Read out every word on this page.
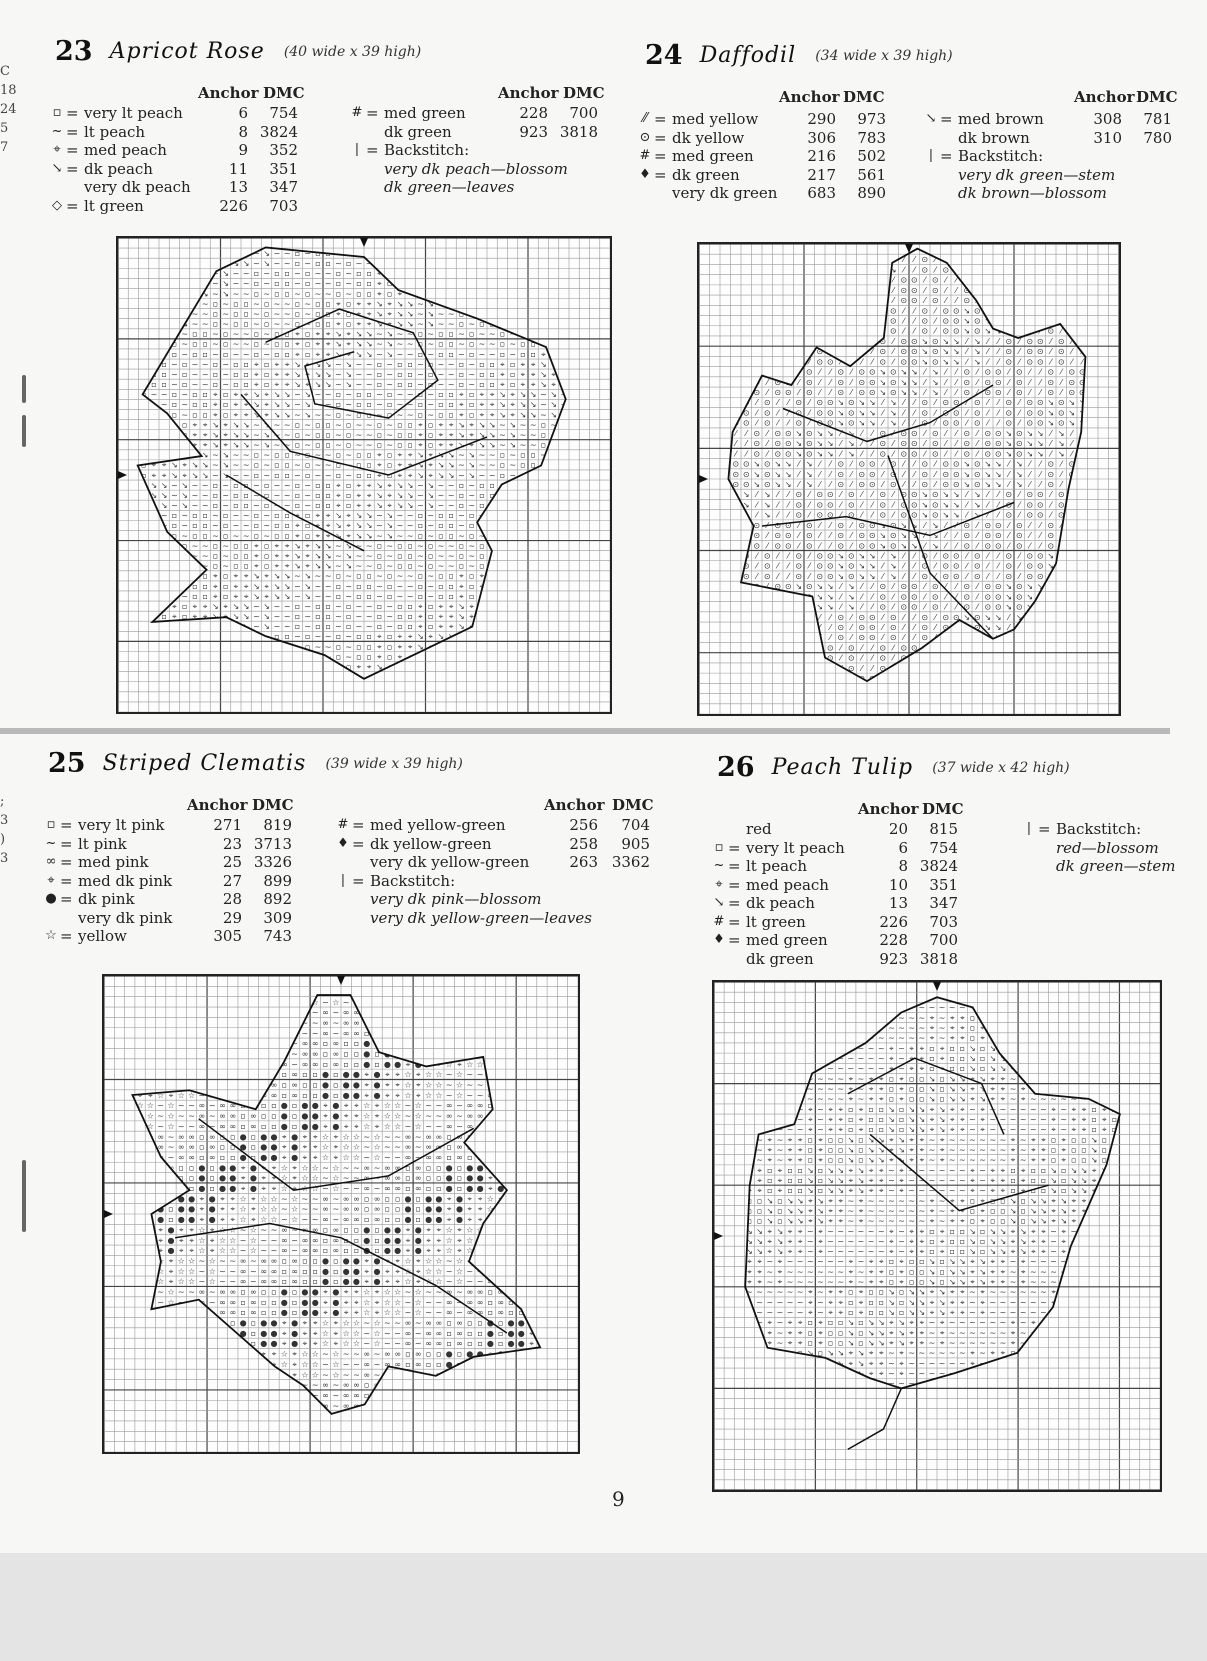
C
18
24
5
7
;
3
)
3
23 Apricot Rose (40 wide x 39 high)
Anchor DMC	Anchor DMC
▫ = very lt peach	6	754
~ = lt peach	8 3824
⌖ = med peach	9	352
↘ = dk peach	11	351
very dk peach	13	347
◇ = lt green	226	703
# = med green	228	700
dk green	923 3818
| = Backstitch:
very dk peach—blossom
dk green—leaves
~ ▫ ~ ▫ ▫ ⌖ ▫ ⌖ ⌖ ↘ ⌖ ↘ ↘ ~ ↘ ~ ~ ▫ ~ ▫ ▫ ~ ▫ ~ ~ ▫ ~ ▫ ▫ ⌖ ▫ ⌖ ⌖ ↘ ⌖ ↘ ↘ ~ ↘ ~ ~ ▫ ~ ▫ ▫ ~ ▫ ~
~ ▫ ~ ▫ ▫ ⌖ ▫ ⌖ ⌖ ↘ ⌖ ↘ ↘ ~ ↘ ~ ~ ▫ ~ ▫ ▫ ~ ▫ ~ ~ ▫ ~ ▫ ▫ ⌖ ▫ ⌖ ⌖ ↘ ⌖ ↘ ↘ ~ ↘ ~ ~ ▫ ~ ▫ ▫ ~ ▫ ~
~ ▫ ~ ▫ ▫ ⌖ ▫ ⌖ ⌖ ↘ ⌖ ↘ ↘ ~ ↘ ~ ~ ▫ ~ ▫ ▫ ~ ▫ ~ ~ ▫ ~ ▫ ▫ ⌖ ▫ ⌖ ⌖ ↘ ⌖ ↘ ↘ ~ ↘ ~ ~ ▫ ~ ▫ ▫ ~ ▫ ~
▫ ⌖ ▫ ⌖ ⌖ ↘ ⌖ ↘ ↘ ~ ↘ ~ ~ ▫ ~ ▫ ▫ ~ ▫ ~ ~ ▫ ~ ▫ ▫ ⌖ ▫ ⌖ ⌖ ↘ ⌖ ↘ ↘ ~ ↘ ~ ~ ▫ ~ ▫ ▫ ~ ▫ ~ ~ ▫ ~ ▫
▫ ⌖ ▫ ⌖ ⌖ ↘ ⌖ ↘ ↘ ~ ↘ ~ ~ ▫ ~ ▫ ▫ ~ ▫ ~ ~ ▫ ~ ▫ ▫ ⌖ ▫ ⌖ ⌖ ↘ ⌖ ↘ ↘ ~ ↘ ~ ~ ▫ ~ ▫ ▫ ~ ▫ ~ ~ ▫ ~ ▫
▫ ⌖ ▫ ⌖ ⌖ ↘ ⌖ ↘ ↘ ~ ↘ ~ ~ ▫ ~ ▫ ▫ ~ ▫ ~ ~ ▫ ~ ▫ ▫ ⌖ ▫ ⌖ ⌖ ↘ ⌖ ↘ ↘ ~ ↘ ~ ~ ▫ ~ ▫ ▫ ~ ▫ ~ ~ ▫ ~ ▫
⌖ ↘ ⌖ ↘ ↘ ~ ↘ ~ ~ ▫ ~ ▫ ▫ ~ ▫ ~ ~ ▫ ~ ▫ ▫ ⌖ ▫ ⌖ ⌖ ↘ ⌖ ↘ ↘ ~ ↘ ~ ~ ▫ ~ ▫ ▫ ~ ▫ ~ ~ ▫ ~ ▫ ▫ ⌖ ▫ ⌖
⌖ ↘ ⌖ ↘ ↘ ~ ↘ ~ ~ ▫ ~ ▫ ▫ ~ ▫ ~ ~ ▫ ~ ▫ ▫ ⌖ ▫ ⌖ ⌖ ↘ ⌖ ↘ ↘ ~ ↘ ~ ~ ▫ ~ ▫ ▫ ~ ▫ ~ ~ ▫ ~ ▫ ▫ ⌖ ▫ ⌖
⌖ ↘ ⌖ ↘ ↘ ~ ↘ ~ ~ ▫ ~ ▫ ▫ ~ ▫ ~ ~ ▫ ~ ▫ ▫ ⌖ ▫ ⌖ ⌖ ↘ ⌖ ↘ ↘ ~ ↘ ~ ~ ▫ ~ ▫ ▫ ~ ▫ ~ ~ ▫ ~ ▫ ▫ ⌖ ▫ ⌖
↘ ~ ↘ ~ ~ ▫ ~ ▫ ▫ ~ ▫ ~ ~ ▫ ~ ▫ ▫ ⌖ ▫ ⌖ ⌖ ↘ ⌖ ↘ ↘ ~ ↘ ~ ~ ▫ ~ ▫ ▫ ~ ▫ ~ ~ ▫ ~ ▫ ▫ ⌖ ▫ ⌖ ⌖ ↘ ⌖ ↘
↘ ~ ↘ ~ ~ ▫ ~ ▫ ▫ ~ ▫ ~ ~ ▫ ~ ▫ ▫ ⌖ ▫ ⌖ ⌖ ↘ ⌖ ↘ ↘ ~ ↘ ~ ~ ▫ ~ ▫ ▫ ~ ▫ ~ ~ ▫ ~ ▫ ▫ ⌖ ▫ ⌖ ⌖ ↘ ⌖ ↘
↘ ~ ↘ ~ ~ ▫ ~ ▫ ▫ ~ ▫ ~ ~ ▫ ~ ▫ ▫ ⌖ ▫ ⌖ ⌖ ↘ ⌖ ↘ ↘ ~ ↘ ~ ~ ▫ ~ ▫ ▫ ~ ▫ ~ ~ ▫ ~ ▫ ▫ ⌖ ▫ ⌖ ⌖ ↘ ⌖ ↘
~ ▫ ~ ▫ ▫ ~ ▫ ~ ~ ▫ ~ ▫ ▫ ⌖ ▫ ⌖ ⌖ ↘ ⌖ ↘ ↘ ~ ↘ ~ ~ ▫ ~ ▫ ▫ ~ ▫ ~ ~ ▫ ~ ▫ ▫ ⌖ ▫ ⌖ ⌖ ↘ ⌖ ↘ ↘ ~ ↘ ~
~ ▫ ~ ▫ ▫ ~ ▫ ~ ~ ▫ ~ ▫ ▫ ⌖ ▫ ⌖ ⌖ ↘ ⌖ ↘ ↘ ~ ↘ ~ ~ ▫ ~ ▫ ▫ ~ ▫ ~ ~ ▫ ~ ▫ ▫ ⌖ ▫ ⌖ ⌖ ↘ ⌖ ↘ ↘ ~ ↘ ~
~ ▫ ~ ▫ ▫ ~ ▫ ~ ~ ▫ ~ ▫ ▫ ⌖ ▫ ⌖ ⌖ ↘ ⌖ ↘ ↘ ~ ↘ ~ ~ ▫ ~ ▫ ▫ ~ ▫ ~ ~ ▫ ~ ▫ ▫ ⌖ ▫ ⌖ ⌖ ↘ ⌖ ↘ ↘ ~ ↘ ~
▫ ~ ▫ ~ ~ ▫ ~ ▫ ▫ ⌖ ▫ ⌖ ⌖ ↘ ⌖ ↘ ↘ ~ ↘ ~ ~ ▫ ~ ▫ ▫ ~ ▫ ~ ~ ▫ ~ ▫ ▫ ⌖ ▫ ⌖ ⌖ ↘ ⌖ ↘ ↘ ~ ↘ ~ ~ ▫ ~ ▫
▫ ~ ▫ ~ ~ ▫ ~ ▫ ▫ ⌖ ▫ ⌖ ⌖ ↘ ⌖ ↘ ↘ ~ ↘ ~ ~ ▫ ~ ▫ ▫ ~ ▫ ~ ~ ▫ ~ ▫ ▫ ⌖ ▫ ⌖ ⌖ ↘ ⌖ ↘ ↘ ~ ↘ ~ ~ ▫ ~ ▫
▫ ~ ▫ ~ ~ ▫ ~ ▫ ▫ ⌖ ▫ ⌖ ⌖ ↘ ⌖ ↘ ↘ ~ ↘ ~ ~ ▫ ~ ▫ ▫ ~ ▫ ~ ~ ▫ ~ ▫ ▫ ⌖ ▫ ⌖ ⌖ ↘ ⌖ ↘ ↘ ~ ↘ ~ ~ ▫ ~ ▫
~ ▫ ~ ▫ ▫ ⌖ ▫ ⌖ ⌖ ↘ ⌖ ↘ ↘ ~ ↘ ~ ~ ▫ ~ ▫ ▫ ~ ▫ ~ ~ ▫ ~ ▫ ▫ ⌖ ▫ ⌖ ⌖ ↘ ⌖ ↘ ↘ ~ ↘ ~ ~ ▫ ~ ▫ ▫ ~ ▫ ~
~ ▫ ~ ▫ ▫ ⌖ ▫ ⌖ ⌖ ↘ ⌖ ↘ ↘ ~ ↘ ~ ~ ▫ ~ ▫ ▫ ~ ▫ ~ ~ ▫ ~ ▫ ▫ ⌖ ▫ ⌖ ⌖ ↘ ⌖ ↘ ↘ ~ ↘ ~ ~ ▫ ~ ▫ ▫ ~ ▫ ~
~ ▫ ~ ▫ ▫ ⌖ ▫ ⌖ ⌖ ↘ ⌖ ↘ ↘ ~ ↘ ~ ~ ▫ ~ ▫ ▫ ~ ▫ ~ ~ ▫ ~ ▫ ▫ ⌖ ▫ ⌖ ⌖ ↘ ⌖ ↘ ↘ ~ ↘ ~ ~ ▫ ~ ▫ ▫ ~ ▫ ~
▫ ⌖ ▫ ⌖ ⌖ ↘ ⌖ ↘ ↘ ~ ↘ ~ ~ ▫ ~ ▫ ▫ ~ ▫ ~ ~ ▫ ~ ▫ ▫ ⌖ ▫ ⌖ ⌖ ↘ ⌖ ↘ ↘ ~ ↘ ~ ~ ▫ ~ ▫ ▫ ~ ▫ ~ ~ ▫ ~ ▫
▫ ⌖ ▫ ⌖ ⌖ ↘ ⌖ ↘ ↘ ~ ↘ ~ ~ ▫ ~ ▫ ▫ ~ ▫ ~ ~ ▫ ~ ▫ ▫ ⌖ ▫ ⌖ ⌖ ↘ ⌖ ↘ ↘ ~ ↘ ~ ~ ▫ ~ ▫ ▫ ~ ▫ ~ ~ ▫ ~ ▫
⌖ ▫ ⌖ ⌖ ↘ ⌖ ↘ ↘ ~ ↘ ~ ~ ▫ ~ ▫ ▫ ~ ▫ ~ ~ ▫ ~ ▫ ▫ ⌖ ▫ ⌖ ⌖ ↘ ⌖ ↘ ↘ ~ ↘ ~ ~ ▫ ~ ▫ ▫ ~ ▫ ~ ~ ▫ ~ ▫
⌖ ↘ ⌖ ↘ ↘ ~ ↘ ~ ~ ▫ ~ ▫ ▫ ~ ▫ ~ ~ ▫ ~ ▫ ▫ ⌖ ▫ ⌖ ⌖ ↘ ⌖ ↘ ↘ ~ ↘ ~ ~ ▫ ~ ▫ ▫ ~ ▫ ~ ~ ▫ ~ ▫ ▫ ⌖ ▫ ⌖
⌖ ↘ ⌖ ↘ ↘ ~ ↘ ~ ~ ▫ ~ ▫ ▫ ~ ▫ ~ ~ ▫ ~ ▫ ▫ ⌖ ▫ ⌖ ⌖ ↘ ⌖ ↘ ↘ ~ ↘ ~ ~ ▫ ~ ▫ ▫ ~ ▫ ~ ~ ▫ ~ ▫ ▫ ⌖ ▫ ⌖
⌖ ↘ ⌖ ↘ ↘ ~ ↘ ~ ~ ▫ ~ ▫ ▫ ~ ▫ ~ ~ ▫ ~ ▫ ▫ ⌖ ▫ ⌖ ⌖ ↘ ⌖ ↘ ↘ ~ ↘ ~ ~ ▫ ~ ▫ ▫ ~ ▫ ~ ~ ▫ ~ ▫ ▫ ⌖ ▫ ⌖
↘ ~ ↘ ~ ~ ▫ ~ ▫ ▫ ~ ▫ ~ ~ ▫ ~ ▫ ▫ ⌖ ▫ ⌖ ⌖ ↘ ⌖ ↘ ↘ ~ ↘ ~ ~ ▫ ~ ▫ ▫ ~ ▫ ~ ~ ▫ ~ ▫ ▫ ⌖ ▫ ⌖ ⌖ ↘ ⌖ ↘
↘ ~ ↘ ~ ~ ▫ ~ ▫ ▫ ~ ▫ ~ ~ ▫ ~ ▫ ▫ ⌖ ▫ ⌖ ⌖ ↘ ⌖ ↘ ↘ ~ ↘ ~ ~ ▫ ~ ▫ ▫ ~ ▫ ~ ~ ▫ ~ ▫ ▫ ⌖ ▫ ⌖ ⌖ ↘ ⌖ ↘
↘ ~ ↘ ~ ~ ▫ ~ ▫ ▫ ~ ▫ ~ ~ ▫ ~ ▫ ▫ ⌖ ▫ ⌖ ⌖ ↘ ⌖ ↘ ↘ ~ ↘ ~ ~ ▫ ~ ▫ ▫ ~ ▫ ~ ~ ▫ ~ ▫ ▫ ⌖ ▫ ⌖ ⌖ ↘ ⌖ ↘
~ ▫ ~ ▫ ▫ ~ ▫ ~ ~ ▫ ~ ▫ ▫ ⌖ ▫ ⌖ ⌖ ↘ ⌖ ↘ ↘ ~ ↘ ~ ~ ▫ ~ ▫ ▫ ~ ▫ ~ ~ ▫ ~ ▫ ▫ ⌖ ▫ ⌖ ⌖ ↘ ⌖ ↘ ↘ ~ ↘ ~
~ ▫ ~ ▫ ▫ ~ ▫ ~ ~ ▫ ~ ▫ ▫ ⌖ ▫ ⌖ ⌖ ↘ ⌖ ↘ ↘ ~ ↘ ~ ~ ▫ ~ ▫ ▫ ~ ▫ ~ ~ ▫ ~ ▫ ▫ ⌖ ▫ ⌖ ⌖ ↘ ⌖ ↘ ↘ ~ ↘ ~
~ ▫ ~ ▫ ▫ ~ ▫ ~ ~ ▫ ~ ▫ ▫ ⌖ ▫ ⌖ ⌖ ↘ ⌖ ↘ ↘ ~ ↘ ~ ~ ▫ ~ ▫ ▫ ~ ▫ ~ ~ ▫ ~ ▫ ▫ ⌖ ▫ ⌖ ⌖ ↘ ⌖ ↘ ↘ ~ ↘ ~
▫ ~ ▫ ~ ~ ▫ ~ ▫ ▫ ⌖ ▫ ⌖ ⌖ ↘ ⌖ ↘ ↘ ~ ↘ ~ ~ ▫ ~ ▫ ▫ ~ ▫ ~ ~ ▫ ~ ▫ ▫ ⌖ ▫ ⌖ ⌖ ↘ ⌖ ↘ ↘ ~ ↘ ~ ~ ▫ ~ ▫
▫ ~ ▫ ~ ~ ▫ ~ ▫ ▫ ⌖ ▫ ⌖ ⌖ ↘ ⌖ ↘ ↘ ~ ↘ ~ ~ ▫ ~ ▫ ▫ ~ ▫ ~ ~ ▫ ~ ▫ ▫ ⌖ ▫ ⌖ ⌖ ↘ ⌖ ↘ ↘ ~ ↘ ~ ~ ▫ ~ ▫
▫ ~ ▫ ~ ~ ▫ ~ ▫ ▫ ⌖ ▫ ⌖ ⌖ ↘ ⌖ ↘ ↘ ~ ↘ ~ ~ ▫ ~ ▫ ▫ ~ ▫ ~ ~ ▫ ~ ▫ ▫ ⌖ ▫ ⌖ ⌖ ↘ ⌖ ↘ ↘ ~ ↘ ~ ~ ▫ ~ ▫
~ ▫ ~ ▫ ▫ ⌖ ▫ ⌖ ⌖ ↘ ⌖ ↘ ↘ ~ ↘ ~ ~ ▫ ~ ▫ ▫ ~ ▫ ~ ~ ▫ ~ ▫ ▫ ⌖ ▫ ⌖ ⌖ ↘ ⌖ ↘ ↘ ~ ↘ ~ ~ ▫ ~ ▫ ▫ ~ ▫ ~
~ ▫ ~ ▫ ▫ ⌖ ▫ ⌖ ⌖ ↘ ⌖ ↘ ↘ ~ ↘ ~ ~ ▫ ~ ▫ ▫ ~ ▫ ~ ~ ▫ ~ ▫ ▫ ⌖ ▫ ⌖ ⌖ ↘ ⌖ ↘ ↘ ~ ↘ ~ ~ ▫ ~ ▫ ▫ ~ ▫ ~
~ ▫ ~ ▫ ▫ ⌖ ▫ ⌖ ⌖ ↘ ⌖ ↘ ↘ ~ ↘ ~ ~ ▫ ~ ▫ ▫ ~ ▫ ~ ~ ▫ ~ ▫ ▫ ⌖ ▫ ⌖ ⌖ ↘ ⌖ ↘ ↘ ~ ↘ ~ ~ ▫ ~ ▫ ▫ ~ ▫ ~
▫ ⌖ ▫ ⌖ ⌖ ↘ ⌖ ↘ ↘ ~ ↘ ~ ~ ▫ ~ ▫ ▫ ~ ▫ ~ ~ ▫ ~ ▫ ▫ ⌖ ▫ ⌖ ⌖ ↘ ⌖ ↘ ↘ ~ ↘ ~ ~ ▫ ~ ▫ ▫ ~ ▫ ~ ~ ▫ ~ ▫
▫ ⌖ ▫ ⌖ ⌖ ↘ ⌖ ↘ ↘ ~ ↘ ~ ~ ▫ ~ ▫ ▫ ~ ▫ ~ ~ ▫ ~ ▫ ▫ ⌖ ▫ ⌖ ⌖ ↘ ⌖ ↘ ↘ ~ ↘ ~ ~ ▫ ~ ▫ ▫ ~ ▫ ~ ~ ▫ ~ ▫
▫ ⌖ ▫ ⌖ ⌖ ↘ ⌖ ↘ ↘ ~ ↘ ~ ~ ▫ ~ ▫ ▫ ~ ▫ ~ ~ ▫ ~ ▫ ▫ ⌖ ▫ ⌖ ⌖ ↘ ⌖ ↘ ↘ ~ ↘ ~ ~ ▫ ~ ▫ ▫ ~ ▫ ~ ~ ▫ ~ ▫
⌖ ↘ ⌖ ↘ ↘ ~ ↘ ~ ~ ▫ ~ ▫ ▫ ~ ▫ ~ ~ ▫ ~ ▫ ▫ ⌖ ▫ ⌖ ⌖ ↘ ⌖ ↘ ↘ ~ ↘ ~ ~ ▫ ~ ▫ ▫ ~ ▫ ~ ~ ▫ ~ ▫ ▫ ⌖ ▫ ⌖
⌖ ↘ ⌖ ↘ ↘ ~ ↘ ~ ~ ▫ ~ ▫ ▫ ~ ▫ ~ ~ ▫ ~ ▫ ▫ ⌖ ▫ ⌖ ⌖ ↘ ⌖ ↘ ↘ ~ ↘ ~ ~ ▫ ~ ▫ ▫ ~ ▫ ~ ~ ▫ ~ ▫ ▫ ⌖ ▫ ⌖
⌖ ↘ ⌖ ↘ ↘ ~ ↘ ~ ~ ▫ ~ ▫ ▫ ~ ▫ ~ ~ ▫ ~ ▫ ▫ ⌖ ▫ ⌖ ⌖ ↘ ⌖ ↘ ↘ ~ ↘ ~ ~ ▫ ~ ▫ ▫ ~ ▫ ~ ~ ▫ ~ ▫ ▫ ⌖ ▫ ⌖
↘ ~ ↘ ~ ~ ▫ ~ ▫ ▫ ~ ▫ ~ ~ ▫ ~ ▫ ▫ ⌖ ▫ ⌖ ⌖ ↘ ⌖ ↘ ↘ ~ ↘ ~ ~ ▫ ~ ▫ ▫ ~ ▫ ~ ~ ▫ ~ ▫ ▫ ⌖ ▫ ⌖ ⌖ ↘ ⌖ ↘
↘ ~ ↘ ~ ~ ▫ ~ ▫ ▫ ~ ▫ ~ ~ ▫ ~ ▫ ▫ ⌖ ▫ ⌖ ⌖ ↘ ⌖ ↘ ↘ ~ ↘ ~ ~ ▫ ~ ▫ ▫ ~ ▫ ~ ~ ▫ ~ ▫ ▫ ⌖ ▫ ⌖ ⌖ ↘ ⌖ ↘
24 Daffodil (34 wide x 39 high)
Anchor DMC	Anchor DMC
⁄⁄ = med yellow	290	973
⊙ = dk yellow	306	783
# = med green	216	502
♦ = dk green	217	561
very dk green	683	890
↘ = med brown	308	781
dk brown	310	780
| = Backstitch:
very dk green—stem
dk brown—blossom
⁄ ⊙ ⁄ ⊙ ⊙ ⁄ ⊙ ⁄ ⁄ ⊙ ⁄ ⊙ ⊙ ↘ ⊙ ↘ ↘ ⁄ ↘ ⁄ ⁄ ⊙ ⁄ ⊙ ⊙ ⁄ ⊙ ⁄ ⁄ ⊙ ⁄ ⊙ ⊙ ↘ ⊙ ↘ ↘ ⁄ ↘ ⁄
⁄ ⊙ ⁄ ⊙ ⊙ ⁄ ⊙ ⁄ ⁄ ⊙ ⁄ ⊙ ⊙ ↘ ⊙ ↘ ↘ ⁄ ↘ ⁄ ⁄ ⊙ ⁄ ⊙ ⊙ ⁄ ⊙ ⁄ ⁄ ⊙ ⁄ ⊙ ⊙ ↘ ⊙ ↘ ↘ ⁄ ↘ ⁄
⁄ ⊙ ⁄ ⊙ ⊙ ⁄ ⊙ ⁄ ⁄ ⊙ ⁄ ⊙ ⊙ ↘ ⊙ ↘ ↘ ⁄ ↘ ⁄ ⁄ ⊙ ⁄ ⊙ ⊙ ⁄ ⊙ ⁄ ⁄ ⊙ ⁄ ⊙ ⊙ ↘ ⊙ ↘ ↘ ⁄ ↘ ⁄
⊙ ⁄ ⊙ ⁄ ⁄ ⊙ ⁄ ⊙ ⊙ ↘ ⊙ ↘ ↘ ⁄ ↘ ⁄ ⁄ ⊙ ⁄ ⊙ ⊙ ⁄ ⊙ ⁄ ⁄ ⊙ ⁄ ⊙ ⊙ ↘ ⊙ ↘ ↘ ⁄ ↘ ⁄ ⁄ ⊙ ⁄ ⊙
⊙ ⁄ ⊙ ⁄ ⁄ ⊙ ⁄ ⊙ ⊙ ↘ ⊙ ↘ ↘ ⁄ ↘ ⁄ ⁄ ⊙ ⁄ ⊙ ⊙ ⁄ ⊙ ⁄ ⁄ ⊙ ⁄ ⊙ ⊙ ↘ ⊙ ↘ ↘ ⁄ ↘ ⁄ ⁄ ⊙ ⁄ ⊙
⊙ ⁄ ⊙ ⁄ ⁄ ⊙ ⁄ ⊙ ⊙ ↘ ⊙ ↘ ↘ ⁄ ↘ ⁄ ⁄ ⊙ ⁄ ⊙ ⊙ ⁄ ⊙ ⁄ ⁄ ⊙ ⁄ ⊙ ⊙ ↘ ⊙ ↘ ↘ ⁄ ↘ ⁄ ⁄ ⊙ ⁄ ⊙
⁄ ⊙ ⁄ ⊙ ⊙ ↘ ⊙ ↘ ↘ ⁄ ↘ ⁄ ⁄ ⊙ ⁄ ⊙ ⊙ ⁄ ⊙ ⁄ ⁄ ⊙ ⁄ ⊙ ⊙ ↘ ⊙ ↘ ↘ ⁄ ↘ ⁄ ⁄ ⊙ ⁄ ⊙ ⊙ ⁄ ⊙ ⁄
⁄ ⊙ ⁄ ⊙ ⊙ ↘ ⊙ ↘ ↘ ⁄ ↘ ⁄ ⁄ ⊙ ⁄ ⊙ ⊙ ⁄ ⊙ ⁄ ⁄ ⊙ ⁄ ⊙ ⊙ ↘ ⊙ ↘ ↘ ⁄ ↘ ⁄ ⁄ ⊙ ⁄ ⊙ ⊙ ⁄ ⊙ ⁄
⁄ ⊙ ⁄ ⊙ ⊙ ↘ ⊙ ↘ ↘ ⁄ ↘ ⁄ ⁄ ⊙ ⁄ ⊙ ⊙ ⁄ ⊙ ⁄ ⁄ ⊙ ⁄ ⊙ ⊙ ↘ ⊙ ↘ ↘ ⁄ ↘ ⁄ ⁄ ⊙ ⁄ ⊙ ⊙ ⁄ ⊙ ⁄
⊙ ↘ ⊙ ↘ ↘ ⁄ ↘ ⁄ ⁄ ⊙ ⁄ ⊙ ⊙ ⁄ ⊙ ⁄ ⁄ ⊙ ⁄ ⊙ ⊙ ↘ ⊙ ↘ ↘ ⁄ ↘ ⁄ ⁄ ⊙ ⁄ ⊙ ⊙ ⁄ ⊙ ⁄ ⁄ ⊙ ⁄ ⊙
⊙ ↘ ⊙ ↘ ↘ ⁄ ↘ ⁄ ⁄ ⊙ ⁄ ⊙ ⊙ ⁄ ⊙ ⁄ ⁄ ⊙ ⁄ ⊙ ⊙ ↘ ⊙ ↘ ↘ ⁄ ↘ ⁄ ⁄ ⊙ ⁄ ⊙ ⊙ ⁄ ⊙ ⁄ ⁄ ⊙ ⁄ ⊙
⊙ ↘ ⊙ ↘ ↘ ⁄ ↘ ⁄ ⁄ ⊙ ⁄ ⊙ ⊙ ⁄ ⊙ ⁄ ⁄ ⊙ ⁄ ⊙ ⊙ ↘ ⊙ ↘ ↘ ⁄ ↘ ⁄ ⁄ ⊙ ⁄ ⊙ ⊙ ⁄ ⊙ ⁄ ⁄ ⊙ ⁄ ⊙
↘ ⁄ ↘ ⁄ ⁄ ⊙ ⁄ ⊙ ⊙ ⁄ ⊙ ⁄ ⁄ ⊙ ⁄ ⊙ ⊙ ↘ ⊙ ↘ ↘ ⁄ ↘ ⁄ ⁄ ⊙ ⁄ ⊙ ⊙ ⁄ ⊙ ⁄ ⁄ ⊙ ⁄ ⊙ ⊙ ↘ ⊙ ↘
↘ ⁄ ↘ ⁄ ⁄ ⊙ ⁄ ⊙ ⊙ ⁄ ⊙ ⁄ ⁄ ⊙ ⁄ ⊙ ⊙ ↘ ⊙ ↘ ↘ ⁄ ↘ ⁄ ⁄ ⊙ ⁄ ⊙ ⊙ ⁄ ⊙ ⁄ ⁄ ⊙ ⁄ ⊙ ⊙ ↘ ⊙ ↘
↘ ⁄ ↘ ⁄ ⁄ ⊙ ⁄ ⊙ ⊙ ⁄ ⊙ ⁄ ⁄ ⊙ ⁄ ⊙ ⊙ ↘ ⊙ ↘ ↘ ⁄ ↘ ⁄ ⁄ ⊙ ⁄ ⊙ ⊙ ⁄ ⊙ ⁄ ⁄ ⊙ ⁄ ⊙ ⊙ ↘ ⊙ ↘
⁄ ⊙ ⁄ ⊙ ⊙ ⁄ ⊙ ⁄ ⁄ ⊙ ⁄ ⊙ ⊙ ↘ ⊙ ↘ ↘ ⁄ ↘ ⁄ ⁄ ⊙ ⁄ ⊙ ⊙ ⁄ ⊙ ⁄ ⁄ ⊙ ⁄ ⊙ ⊙ ↘ ⊙ ↘ ↘ ⁄ ↘ ⁄
⁄ ⊙ ⁄ ⊙ ⊙ ⁄ ⊙ ⁄ ⁄ ⊙ ⁄ ⊙ ⊙ ↘ ⊙ ↘ ↘ ⁄ ↘ ⁄ ⁄ ⊙ ⁄ ⊙ ⊙ ⁄ ⊙ ⁄ ⁄ ⊙ ⁄ ⊙ ⊙ ↘ ⊙ ↘ ↘ ⁄ ↘ ⁄
⁄ ⊙ ⁄ ⊙ ⊙ ⁄ ⊙ ⁄ ⁄ ⊙ ⁄ ⊙ ⊙ ↘ ⊙ ↘ ↘ ⁄ ↘ ⁄ ⁄ ⊙ ⁄ ⊙ ⊙ ⁄ ⊙ ⁄ ⁄ ⊙ ⁄ ⊙ ⊙ ↘ ⊙ ↘ ↘ ⁄ ↘ ⁄
⊙ ⁄ ⊙ ⁄ ⁄ ⊙ ⁄ ⊙ ⊙ ↘ ⊙ ↘ ↘ ⁄ ↘ ⁄ ⁄ ⊙ ⁄ ⊙ ⊙ ⁄ ⊙ ⁄ ⁄ ⊙ ⁄ ⊙ ⊙ ↘ ⊙ ↘ ↘ ⁄ ↘ ⁄ ⁄ ⊙ ⁄ ⊙
⊙ ⁄ ⊙ ⁄ ⁄ ⊙ ⁄ ⊙ ⊙ ↘ ⊙ ↘ ↘ ⁄ ↘ ⁄ ⁄ ⊙ ⁄ ⊙ ⊙ ⁄ ⊙ ⁄ ⁄ ⊙ ⁄ ⊙ ⊙ ↘ ⊙ ↘ ↘ ⁄ ↘ ⁄ ⁄ ⊙ ⁄ ⊙
⊙ ⁄ ⊙ ⁄ ⁄ ⊙ ⁄ ⊙ ⊙ ↘ ⊙ ↘ ↘ ⁄ ↘ ⁄ ⁄ ⊙ ⁄ ⊙ ⊙ ⁄ ⊙ ⁄ ⁄ ⊙ ⁄ ⊙ ⊙ ↘ ⊙ ↘ ↘ ⁄ ↘ ⁄ ⁄ ⊙ ⁄ ⊙
⁄ ⊙ ⁄ ⊙ ⊙ ↘ ⊙ ↘ ↘ ⁄ ↘ ⁄ ⁄ ⊙ ⁄ ⊙ ⊙ ⁄ ⊙ ⁄ ⁄ ⊙ ⁄ ⊙ ⊙ ↘ ⊙ ↘ ↘ ⁄ ↘ ⁄ ⁄ ⊙ ⁄ ⊙ ⊙ ⁄ ⊙ ⁄
⁄ ⊙ ⁄ ⊙ ⊙ ↘ ⊙ ↘ ↘ ⁄ ↘ ⁄ ⁄ ⊙ ⁄ ⊙ ⊙ ⁄ ⊙ ⁄ ⁄ ⊙ ⁄ ⊙ ⊙ ↘ ⊙ ↘ ↘ ⁄ ↘ ⁄ ⁄ ⊙ ⁄ ⊙ ⊙ ⁄ ⊙ ⁄
⁄ ⊙ ⁄ ⊙ ⊙ ↘ ⊙ ↘ ↘ ⁄ ↘ ⁄ ⁄ ⊙ ⁄ ⊙ ⊙ ⁄ ⊙ ⁄ ⁄ ⊙ ⁄ ⊙ ⊙ ↘ ⊙ ↘ ↘ ⁄ ↘ ⁄ ⁄ ⊙ ⁄ ⊙ ⊙ ⁄ ⊙ ⁄
⊙ ↘ ⊙ ↘ ↘ ⁄ ↘ ⁄ ⁄ ⊙ ⁄ ⊙ ⊙ ⁄ ⊙ ⁄ ⁄ ⊙ ⁄ ⊙ ⊙ ↘ ⊙ ↘ ↘ ⁄ ↘ ⁄ ⁄ ⊙ ⁄ ⊙ ⊙ ⁄ ⊙ ⁄ ⁄ ⊙ ⁄ ⊙
⊙ ↘ ⊙ ↘ ↘ ⁄ ↘ ⁄ ⁄ ⊙ ⁄ ⊙ ⊙ ⁄ ⊙ ⁄ ⁄ ⊙ ⁄ ⊙ ⊙ ↘ ⊙ ↘ ↘ ⁄ ↘ ⁄ ⁄ ⊙ ⁄ ⊙ ⊙ ⁄ ⊙ ⁄ ⁄ ⊙ ⁄ ⊙
⊙ ↘ ⊙ ↘ ↘ ⁄ ↘ ⁄ ⁄ ⊙ ⁄ ⊙ ⊙ ⁄ ⊙ ⁄ ⁄ ⊙ ⁄ ⊙ ⊙ ↘ ⊙ ↘ ↘ ⁄ ↘ ⁄ ⁄ ⊙ ⁄ ⊙ ⊙ ⁄ ⊙ ⁄ ⁄ ⊙ ⁄ ⊙
↘ ⁄ ↘ ⁄ ⁄ ⊙ ⁄ ⊙ ⊙ ⁄ ⊙ ⁄ ⁄ ⊙ ⁄ ⊙ ⊙ ↘ ⊙ ↘ ↘ ⁄ ↘ ⁄ ⁄ ⊙ ⁄ ⊙ ⊙ ⁄ ⊙ ⁄ ⁄ ⊙ ⁄ ⊙ ⊙ ↘ ⊙ ↘
↘ ⁄ ↘ ⁄ ⁄ ⊙ ⁄ ⊙ ⊙ ⁄ ⊙ ⁄ ⁄ ⊙ ⁄ ⊙ ⊙ ↘ ⊙ ↘ ↘ ⁄ ↘ ⁄ ⁄ ⊙ ⁄ ⊙ ⊙ ⁄ ⊙ ⁄ ⁄ ⊙ ⁄ ⊙ ⊙ ↘ ⊙ ↘
↘ ⁄ ↘ ⁄ ⁄ ⊙ ⁄ ⊙ ⊙ ⁄ ⊙ ⁄ ⁄ ⊙ ⁄ ⊙ ⊙ ↘ ⊙ ↘ ↘ ⁄ ↘ ⁄ ⁄ ⊙ ⁄ ⊙ ⊙ ⁄ ⊙ ⁄ ⁄ ⊙ ⁄ ⊙ ⊙ ↘ ⊙ ↘
⁄ ⊙ ⁄ ⊙ ⊙ ⁄ ⊙ ⁄ ⁄ ⊙ ⁄ ⊙ ⊙ ↘ ⊙ ↘ ↘ ⁄ ↘ ⁄ ⁄ ⊙ ⁄ ⊙ ⊙ ⁄ ⊙ ⁄ ⁄ ⊙ ⁄ ⊙ ⊙ ↘ ⊙ ↘ ↘ ⁄ ↘ ⁄
⁄ ⊙ ⁄ ⊙ ⊙ ⁄ ⊙ ⁄ ⁄ ⊙ ⁄ ⊙ ⊙ ↘ ⊙ ↘ ↘ ⁄ ↘ ⁄ ⁄ ⊙ ⁄ ⊙ ⊙ ⁄ ⊙ ⁄ ⁄ ⊙ ⁄ ⊙ ⊙ ↘ ⊙ ↘ ↘ ⁄ ↘ ⁄
⁄ ⊙ ⁄ ⊙ ⊙ ⁄ ⊙ ⁄ ⁄ ⊙ ⁄ ⊙ ⊙ ↘ ⊙ ↘ ↘ ⁄ ↘ ⁄ ⁄ ⊙ ⁄ ⊙ ⊙ ⁄ ⊙ ⁄ ⁄ ⊙ ⁄ ⊙ ⊙ ↘ ⊙ ↘ ↘ ⁄ ↘ ⁄
⊙ ⁄ ⊙ ⁄ ⁄ ⊙ ⁄ ⊙ ⊙ ↘ ⊙ ↘ ↘ ⁄ ↘ ⁄ ⁄ ⊙ ⁄ ⊙ ⊙ ⁄ ⊙ ⁄ ⁄ ⊙ ⁄ ⊙ ⊙ ↘ ⊙ ↘ ↘ ⁄ ↘ ⁄ ⁄ ⊙ ⁄ ⊙
⊙ ⁄ ⊙ ⁄ ⁄ ⊙ ⁄ ⊙ ⊙ ↘ ⊙ ↘ ↘ ⁄ ↘ ⁄ ⁄ ⊙ ⁄ ⊙ ⊙ ⁄ ⊙ ⁄ ⁄ ⊙ ⁄ ⊙ ⊙ ↘ ⊙ ↘ ↘ ⁄ ↘ ⁄ ⁄ ⊙ ⁄ ⊙
⊙ ⁄ ⊙ ⁄ ⁄ ⊙ ⁄ ⊙ ⊙ ↘ ⊙ ↘ ↘ ⁄ ↘ ⁄ ⁄ ⊙ ⁄ ⊙ ⊙ ⁄ ⊙ ⁄ ⁄ ⊙ ⁄ ⊙ ⊙ ↘ ⊙ ↘ ↘ ⁄ ↘ ⁄ ⁄ ⊙ ⁄ ⊙
⁄ ⊙ ⁄ ⊙ ⊙ ↘ ⊙ ↘ ↘ ⁄ ↘ ⁄ ⁄ ⊙ ⁄ ⊙ ⊙ ⁄ ⊙ ⁄ ⁄ ⊙ ⁄ ⊙ ⊙ ↘ ⊙ ↘ ↘ ⁄ ↘ ⁄ ⁄ ⊙ ⁄ ⊙ ⊙ ⁄ ⊙ ⁄
⁄ ⊙ ⁄ ⊙ ⊙ ↘ ⊙ ↘ ↘ ⁄ ↘ ⁄ ⁄ ⊙ ⁄ ⊙ ⊙ ⁄ ⊙ ⁄ ⁄ ⊙ ⁄ ⊙ ⊙ ↘ ⊙ ↘ ↘ ⁄ ↘ ⁄ ⁄ ⊙ ⁄ ⊙ ⊙ ⁄ ⊙ ⁄
⁄ ⊙ ⁄ ⊙ ⊙ ↘ ⊙ ↘ ↘ ⁄ ↘ ⁄ ⁄ ⊙ ⁄ ⊙ ⊙ ⁄ ⊙ ⁄ ⁄ ⊙ ⁄ ⊙ ⊙ ↘ ⊙ ↘ ↘ ⁄ ↘ ⁄ ⁄ ⊙ ⁄ ⊙ ⊙ ⁄ ⊙ ⁄
⊙ ↘ ⊙ ↘ ↘ ⁄ ↘ ⁄ ⁄ ⊙ ⁄ ⊙ ⊙ ⁄ ⊙ ⁄ ⁄ ⊙ ⁄ ⊙ ⊙ ↘ ⊙ ↘ ↘ ⁄ ↘ ⁄ ⁄ ⊙ ⁄ ⊙ ⊙ ⁄ ⊙ ⁄ ⁄ ⊙ ⁄ ⊙
⊙ ↘ ⊙ ↘ ↘ ⁄ ↘ ⁄ ⁄ ⊙ ⁄ ⊙ ⊙ ⁄ ⊙ ⁄ ⁄ ⊙ ⁄ ⊙ ⊙ ↘ ⊙ ↘ ↘ ⁄ ↘ ⁄ ⁄ ⊙ ⁄ ⊙ ⊙ ⁄ ⊙ ⁄ ⁄ ⊙ ⁄ ⊙
⊙ ↘ ⊙ ↘ ↘ ⁄ ↘ ⁄ ⁄ ⊙ ⁄ ⊙ ⊙ ⁄ ⊙ ⁄ ⁄ ⊙ ⁄ ⊙ ⊙ ↘ ⊙ ↘ ↘ ⁄ ↘ ⁄ ⁄ ⊙ ⁄ ⊙ ⊙ ⁄ ⊙ ⁄ ⁄ ⊙ ⁄ ⊙
↘ ⁄ ↘ ⁄ ⁄ ⊙ ⁄ ⊙ ⊙ ⁄ ⊙ ⁄ ⁄ ⊙ ⁄ ⊙ ⊙ ↘ ⊙ ↘ ↘ ⁄ ↘ ⁄ ⁄ ⊙ ⁄ ⊙ ⊙ ⁄ ⊙ ⁄ ⁄ ⊙ ⁄ ⊙ ⊙ ↘ ⊙ ↘
↘ ⁄ ↘ ⁄ ⁄ ⊙ ⁄ ⊙ ⊙ ⁄ ⊙ ⁄ ⁄ ⊙ ⁄ ⊙ ⊙ ↘ ⊙ ↘ ↘ ⁄ ↘ ⁄ ⁄ ⊙ ⁄ ⊙ ⊙ ⁄ ⊙ ⁄ ⁄ ⊙ ⁄ ⊙ ⊙ ↘ ⊙ ↘
↘ ⁄ ↘ ⁄ ⁄ ⊙ ⁄ ⊙ ⊙ ⁄ ⊙ ⁄ ⁄ ⊙ ⁄ ⊙ ⊙ ↘ ⊙ ↘ ↘ ⁄ ↘ ⁄ ⁄ ⊙ ⁄ ⊙ ⊙ ⁄ ⊙ ⁄ ⁄ ⊙ ⁄ ⊙ ⊙ ↘ ⊙ ↘
⁄ ⊙ ⁄ ⊙ ⊙ ⁄ ⊙ ⁄ ⁄ ⊙ ⁄ ⊙ ⊙ ↘ ⊙ ↘ ↘ ⁄ ↘ ⁄ ⁄ ⊙ ⁄ ⊙ ⊙ ⁄ ⊙ ⁄ ⁄ ⊙ ⁄ ⊙ ⊙ ↘ ⊙ ↘ ↘ ⁄ ↘ ⁄
25 Striped Clematis (39 wide x 39 high)
Anchor DMC	Anchor DMC
▫ = very lt pink	271	819
~ = lt pink	23 3713
∞ = med pink	25 3326
⌖ = med dk pink	27	899
● = dk pink	28	892
very dk pink	29	309
☆ = yellow	305	743
# = med yellow-green	256	704
♦ = dk yellow-green	258	905
very dk yellow-green	263 3362
| = Backstitch:
very dk pink—blossom
very dk yellow-green—leaves
~ ∞ ~ ∞ ∞ ▫ ∞ ▫ ▫ ● ▫ ● ● ⌖ ● ⌖ ⌖ ☆ ⌖ ☆ ☆ ~ ☆ ~ ~ ∞ ~ ∞ ∞ ▫ ∞ ▫ ▫ ● ▫ ● ● ⌖ ● ⌖ ⌖ ☆ ⌖ ☆ ☆ ~
~ ∞ ~ ∞ ∞ ▫ ∞ ▫ ▫ ● ▫ ● ● ⌖ ● ⌖ ⌖ ☆ ⌖ ☆ ☆ ~ ☆ ~ ~ ∞ ~ ∞ ∞ ▫ ∞ ▫ ▫ ● ▫ ● ● ⌖ ● ⌖ ⌖ ☆ ⌖ ☆ ☆ ~
~ ∞ ~ ∞ ∞ ▫ ∞ ▫ ▫ ● ▫ ● ● ⌖ ● ⌖ ⌖ ☆ ⌖ ☆ ☆ ~ ☆ ~ ~ ∞ ~ ∞ ∞ ▫ ∞ ▫ ▫ ● ▫ ● ● ⌖ ● ⌖ ⌖ ☆ ⌖ ☆ ☆ ~
∞ ▫ ∞ ▫ ▫ ● ▫ ● ● ⌖ ● ⌖ ⌖ ☆ ⌖ ☆ ☆ ~ ☆ ~ ~ ∞ ~ ∞ ∞ ▫ ∞ ▫ ▫ ● ▫ ● ● ⌖ ● ⌖ ⌖ ☆ ⌖ ☆ ☆ ~ ☆ ~ ~ ∞
∞ ▫ ∞ ▫ ▫ ● ▫ ● ● ⌖ ● ⌖ ⌖ ☆ ⌖ ☆ ☆ ~ ☆ ~ ~ ∞ ~ ∞ ∞ ▫ ∞ ▫ ▫ ● ▫ ● ● ⌖ ● ⌖ ⌖ ☆ ⌖ ☆ ☆ ~ ☆ ~ ~ ∞
∞ ▫ ∞ ▫ ▫ ● ▫ ● ● ⌖ ● ⌖ ⌖ ☆ ⌖ ☆ ☆ ~ ☆ ~ ~ ∞ ~ ∞ ∞ ▫ ∞ ▫ ▫ ● ▫ ● ● ⌖ ● ⌖ ⌖ ☆ ⌖ ☆ ☆ ~ ☆ ~ ~ ∞
▫ ● ▫ ● ● ⌖ ● ⌖ ⌖ ☆ ⌖ ☆ ☆ ~ ☆ ~ ~ ∞ ~ ∞ ∞ ▫ ∞ ▫ ▫ ● ▫ ● ● ⌖ ● ⌖ ⌖ ☆ ⌖ ☆ ☆ ~ ☆ ~ ~ ∞ ~ ∞ ∞ ▫
▫ ● ▫ ● ● ⌖ ● ⌖ ⌖ ☆ ⌖ ☆ ☆ ~ ☆ ~ ~ ∞ ~ ∞ ∞ ▫ ∞ ▫ ▫ ● ▫ ● ● ⌖ ● ⌖ ⌖ ☆ ⌖ ☆ ☆ ~ ☆ ~ ~ ∞ ~ ∞ ∞ ▫
▫ ● ▫ ● ● ⌖ ● ⌖ ⌖ ☆ ⌖ ☆ ☆ ~ ☆ ~ ~ ∞ ~ ∞ ∞ ▫ ∞ ▫ ▫ ● ▫ ● ● ⌖ ● ⌖ ⌖ ☆ ⌖ ☆ ☆ ~ ☆ ~ ~ ∞ ~ ∞ ∞ ▫
● ⌖ ● ⌖ ⌖ ☆ ⌖ ☆ ☆ ~ ☆ ~ ~ ∞ ~ ∞ ∞ ▫ ∞ ▫ ▫ ● ▫ ● ● ⌖ ● ⌖ ⌖ ☆ ⌖ ☆ ☆ ~ ☆ ~ ~ ∞ ~ ∞ ∞ ▫ ∞ ▫ ▫ ●
● ⌖ ● ⌖ ⌖ ☆ ⌖ ☆ ☆ ~ ☆ ~ ~ ∞ ~ ∞ ∞ ▫ ∞ ▫ ▫ ● ▫ ● ● ⌖ ● ⌖ ⌖ ☆ ⌖ ☆ ☆ ~ ☆ ~ ~ ∞ ~ ∞ ∞ ▫ ∞ ▫ ▫ ●
● ⌖ ● ⌖ ⌖ ☆ ⌖ ☆ ☆ ~ ☆ ~ ~ ∞ ~ ∞ ∞ ▫ ∞ ▫ ▫ ● ▫ ● ● ⌖ ● ⌖ ⌖ ☆ ⌖ ☆ ☆ ~ ☆ ~ ~ ∞ ~ ∞ ∞ ▫ ∞ ▫ ▫ ●
⌖ ☆ ⌖ ☆ ☆ ~ ☆ ~ ~ ∞ ~ ∞ ∞ ▫ ∞ ▫ ▫ ● ▫ ● ● ⌖ ● ⌖ ⌖ ☆ ⌖ ☆ ☆ ~ ☆ ~ ~ ∞ ~ ∞ ∞ ▫ ∞ ▫ ▫ ● ▫ ● ● ⌖
⌖ ☆ ⌖ ☆ ☆ ~ ☆ ~ ~ ∞ ~ ∞ ∞ ▫ ∞ ▫ ▫ ● ▫ ● ● ⌖ ● ⌖ ⌖ ☆ ⌖ ☆ ☆ ~ ☆ ~ ~ ∞ ~ ∞ ∞ ▫ ∞ ▫ ▫ ● ▫ ● ● ⌖
⌖ ☆ ⌖ ☆ ☆ ~ ☆ ~ ~ ∞ ~ ∞ ∞ ▫ ∞ ▫ ▫ ● ▫ ● ● ⌖ ● ⌖ ⌖ ☆ ⌖ ☆ ☆ ~ ☆ ~ ~ ∞ ~ ∞ ∞ ▫ ∞ ▫ ▫ ● ▫ ● ● ⌖
☆ ~ ☆ ~ ~ ∞ ~ ∞ ∞ ▫ ∞ ▫ ▫ ● ▫ ● ● ⌖ ● ⌖ ⌖ ☆ ⌖ ☆ ☆ ~ ☆ ~ ~ ∞ ~ ∞ ∞ ▫ ∞ ▫ ▫ ● ▫ ● ● ⌖ ● ⌖ ⌖ ☆
☆ ~ ☆ ~ ~ ∞ ~ ∞ ∞ ▫ ∞ ▫ ▫ ● ▫ ● ● ⌖ ● ⌖ ⌖ ☆ ⌖ ☆ ☆ ~ ☆ ~ ~ ∞ ~ ∞ ∞ ▫ ∞ ▫ ▫ ● ▫ ● ● ⌖ ● ⌖ ⌖ ☆
☆ ~ ☆ ~ ~ ∞ ~ ∞ ∞ ▫ ∞ ▫ ▫ ● ▫ ● ● ⌖ ● ⌖ ⌖ ☆ ⌖ ☆ ☆ ~ ☆ ~ ~ ∞ ~ ∞ ∞ ▫ ∞ ▫ ▫ ● ▫ ● ● ⌖ ● ⌖ ⌖ ☆
~ ∞ ~ ∞ ∞ ▫ ∞ ▫ ▫ ● ▫ ● ● ⌖ ● ⌖ ⌖ ☆ ⌖ ☆ ☆ ~ ☆ ~ ~ ∞ ~ ∞ ∞ ▫ ∞ ▫ ▫ ● ▫ ● ● ⌖ ● ⌖ ⌖ ☆ ⌖ ☆ ☆ ~
~ ∞ ~ ∞ ∞ ▫ ∞ ▫ ▫ ● ▫ ● ● ⌖ ● ⌖ ⌖ ☆ ⌖ ☆ ☆ ~ ☆ ~ ~ ∞ ~ ∞ ∞ ▫ ∞ ▫ ▫ ● ▫ ● ● ⌖ ● ⌖ ⌖ ☆ ⌖ ☆ ☆ ~
~ ∞ ~ ∞ ∞ ▫ ∞ ▫ ▫ ● ▫ ● ● ⌖ ● ⌖ ⌖ ☆ ⌖ ☆ ☆ ~ ☆ ~ ~ ∞ ~ ∞ ∞ ▫ ∞ ▫ ▫ ● ▫ ● ● ⌖ ● ⌖ ⌖ ☆ ⌖ ☆ ☆ ~
∞ ▫ ∞ ▫ ▫ ● ▫ ● ● ⌖ ● ⌖ ⌖ ☆ ⌖ ☆ ☆ ~ ☆ ~ ~ ∞ ~ ∞ ∞ ▫ ∞ ▫ ▫ ● ▫ ● ● ⌖ ● ⌖ ⌖ ☆ ⌖ ☆ ☆ ~ ☆ ~ ~ ∞
∞ ▫ ∞ ▫ ▫ ● ▫ ● ● ⌖ ● ⌖ ⌖ ☆ ⌖ ☆ ☆ ~ ☆ ~ ~ ∞ ~ ∞ ∞ ▫ ∞ ▫ ▫ ● ▫ ● ● ⌖ ● ⌖ ⌖ ☆ ⌖ ☆ ☆ ~ ☆ ~ ~ ∞
∞ ▫ ∞ ▫ ▫ ● ▫ ● ● ⌖ ● ⌖ ⌖ ☆ ⌖ ☆ ☆ ~ ☆ ~ ~ ∞ ~ ∞ ∞ ▫ ∞ ▫ ▫ ● ▫ ● ● ⌖ ● ⌖ ⌖ ☆ ⌖ ☆ ☆ ~ ☆ ~ ~ ∞
▫ ● ▫ ● ● ⌖ ● ⌖ ⌖ ☆ ⌖ ☆ ☆ ~ ☆ ~ ~ ∞ ~ ∞ ∞ ▫ ∞ ▫ ▫ ● ▫ ● ● ⌖ ● ⌖ ⌖ ☆ ⌖ ☆ ☆ ~ ☆ ~ ~ ∞ ~ ∞ ∞ ▫
▫ ● ▫ ● ● ⌖ ● ⌖ ⌖ ☆ ⌖ ☆ ☆ ~ ☆ ~ ~ ∞ ~ ∞ ∞ ▫ ∞ ▫ ▫ ● ▫ ● ● ⌖ ● ⌖ ⌖ ☆ ⌖ ☆ ☆ ~ ☆ ~ ~ ∞ ~ ∞ ∞ ▫
▫ ● ▫ ● ● ⌖ ● ⌖ ⌖ ☆ ⌖ ☆ ☆ ~ ☆ ~ ~ ∞ ~ ∞ ∞ ▫ ∞ ▫ ▫ ● ▫ ● ● ⌖ ● ⌖ ⌖ ☆ ⌖ ☆ ☆ ~ ☆ ~ ~ ∞ ~ ∞ ∞ ▫
● ⌖ ● ⌖ ⌖ ☆ ⌖ ☆ ☆ ~ ☆ ~ ~ ∞ ~ ∞ ∞ ▫ ∞ ▫ ▫ ● ▫ ● ● ⌖ ● ⌖ ⌖ ☆ ⌖ ☆ ☆ ~ ☆ ~ ~ ∞ ~ ∞ ∞ ▫ ∞ ▫ ▫ ●
● ⌖ ● ⌖ ⌖ ☆ ⌖ ☆ ☆ ~ ☆ ~ ~ ∞ ~ ∞ ∞ ▫ ∞ ▫ ▫ ● ▫ ● ● ⌖ ● ⌖ ⌖ ☆ ⌖ ☆ ☆ ~ ☆ ~ ~ ∞ ~ ∞ ∞ ▫ ∞ ▫ ▫ ●
● ⌖ ● ⌖ ⌖ ☆ ⌖ ☆ ☆ ~ ☆ ~ ~ ∞ ~ ∞ ∞ ▫ ∞ ▫ ▫ ● ▫ ● ● ⌖ ● ⌖ ⌖ ☆ ⌖ ☆ ☆ ~ ☆ ~ ~ ∞ ~ ∞ ∞ ▫ ∞ ▫ ▫ ●
⌖ ☆ ⌖ ☆ ☆ ~ ☆ ~ ~ ∞ ~ ∞ ∞ ▫ ∞ ▫ ▫ ● ▫ ● ● ⌖ ● ⌖ ⌖ ☆ ⌖ ☆ ☆ ~ ☆ ~ ~ ∞ ~ ∞ ∞ ▫ ∞ ▫ ▫ ● ▫ ● ● ⌖
⌖ ☆ ⌖ ☆ ☆ ~ ☆ ~ ~ ∞ ~ ∞ ∞ ▫ ∞ ▫ ▫ ● ▫ ● ● ⌖ ● ⌖ ⌖ ☆ ⌖ ☆ ☆ ~ ☆ ~ ~ ∞ ~ ∞ ∞ ▫ ∞ ▫ ▫ ● ▫ ● ● ⌖
⌖ ☆ ⌖ ☆ ☆ ~ ☆ ~ ~ ∞ ~ ∞ ∞ ▫ ∞ ▫ ▫ ● ▫ ● ● ⌖ ● ⌖ ⌖ ☆ ⌖ ☆ ☆ ~ ☆ ~ ~ ∞ ~ ∞ ∞ ▫ ∞ ▫ ▫ ● ▫ ● ● ⌖
☆ ~ ☆ ~ ~ ∞ ~ ∞ ∞ ▫ ∞ ▫ ▫ ● ▫ ● ● ⌖ ● ⌖ ⌖ ☆ ⌖ ☆ ☆ ~ ☆ ~ ~ ∞ ~ ∞ ∞ ▫ ∞ ▫ ▫ ● ▫ ● ● ⌖ ● ⌖ ⌖ ☆
☆ ~ ☆ ~ ~ ∞ ~ ∞ ∞ ▫ ∞ ▫ ▫ ● ▫ ● ● ⌖ ● ⌖ ⌖ ☆ ⌖ ☆ ☆ ~ ☆ ~ ~ ∞ ~ ∞ ∞ ▫ ∞ ▫ ▫ ● ▫ ● ● ⌖ ● ⌖ ⌖ ☆
☆ ~ ☆ ~ ~ ∞ ~ ∞ ∞ ▫ ∞ ▫ ▫ ● ▫ ● ● ⌖ ● ⌖ ⌖ ☆ ⌖ ☆ ☆ ~ ☆ ~ ~ ∞ ~ ∞ ∞ ▫ ∞ ▫ ▫ ● ▫ ● ● ⌖ ● ⌖ ⌖ ☆
~ ∞ ~ ∞ ∞ ▫ ∞ ▫ ▫ ● ▫ ● ● ⌖ ● ⌖ ⌖ ☆ ⌖ ☆ ☆ ~ ☆ ~ ~ ∞ ~ ∞ ∞ ▫ ∞ ▫ ▫ ● ▫ ● ● ⌖ ● ⌖ ⌖ ☆ ⌖ ☆ ☆ ~
~ ∞ ~ ∞ ∞ ▫ ∞ ▫ ▫ ● ▫ ● ● ⌖ ● ⌖ ⌖ ☆ ⌖ ☆ ☆ ~ ☆ ~ ~ ∞ ~ ∞ ∞ ▫ ∞ ▫ ▫ ● ▫ ● ● ⌖ ● ⌖ ⌖ ☆ ⌖ ☆ ☆ ~
~ ∞ ~ ∞ ∞ ▫ ∞ ▫ ▫ ● ▫ ● ● ⌖ ● ⌖ ⌖ ☆ ⌖ ☆ ☆ ~ ☆ ~ ~ ∞ ~ ∞ ∞ ▫ ∞ ▫ ▫ ● ▫ ● ● ⌖ ● ⌖ ⌖ ☆ ⌖ ☆ ☆ ~
∞ ▫ ∞ ▫ ▫ ● ▫ ● ● ⌖ ● ⌖ ⌖ ☆ ⌖ ☆ ☆ ~ ☆ ~ ~ ∞ ~ ∞ ∞ ▫ ∞ ▫ ▫ ● ▫ ● ● ⌖ ● ⌖ ⌖ ☆ ⌖ ☆ ☆ ~ ☆ ~ ~ ∞
∞ ▫ ∞ ▫ ▫ ● ▫ ● ● ⌖ ● ⌖ ⌖ ☆ ⌖ ☆ ☆ ~ ☆ ~ ~ ∞ ~ ∞ ∞ ▫ ∞ ▫ ▫ ● ▫ ● ● ⌖ ● ⌖ ⌖ ☆ ⌖ ☆ ☆ ~ ☆ ~ ~ ∞
∞ ▫ ∞ ▫ ▫ ● ▫ ● ● ⌖ ● ⌖ ⌖ ☆ ⌖ ☆ ☆ ~ ☆ ~ ~ ∞ ~ ∞ ∞ ▫ ∞ ▫ ▫ ● ▫ ● ● ⌖ ● ⌖ ⌖ ☆ ⌖ ☆ ☆ ~ ☆ ~ ~ ∞
▫ ● ▫ ● ● ⌖ ● ⌖ ⌖ ☆ ⌖ ☆ ☆ ~ ☆ ~ ~ ∞ ~ ∞ ∞ ▫ ∞ ▫ ▫ ● ▫ ● ● ⌖ ● ⌖ ⌖ ☆ ⌖ ☆ ☆ ~ ☆ ~ ~ ∞ ~ ∞ ∞ ▫
▫ ● ▫ ● ● ⌖ ● ⌖ ⌖ ☆ ⌖ ☆ ☆ ~ ☆ ~ ~ ∞ ~ ∞ ∞ ▫ ∞ ▫ ▫ ● ▫ ● ● ⌖ ● ⌖ ⌖ ☆ ⌖ ☆ ☆ ~ ☆ ~ ~ ∞ ~ ∞ ∞ ▫
▫ ● ▫ ● ● ⌖ ● ⌖ ⌖ ☆ ⌖ ☆ ☆ ~ ☆ ~ ~ ∞ ~ ∞ ∞ ▫ ∞ ▫ ▫ ● ▫ ● ● ⌖ ● ⌖ ⌖ ☆ ⌖ ☆ ☆ ~ ☆ ~ ~ ∞ ~ ∞ ∞ ▫
● ⌖ ● ⌖ ⌖ ☆ ⌖ ☆ ☆ ~ ☆ ~ ~ ∞ ~ ∞ ∞ ▫ ∞ ▫ ▫ ● ▫ ● ● ⌖ ● ⌖ ⌖ ☆ ⌖ ☆ ☆ ~ ☆ ~ ~ ∞ ~ ∞ ∞ ▫ ∞ ▫ ▫ ●
26 Peach Tulip (37 wide x 42 high)
Anchor DMC
red	20	815
▫ = very lt peach	6	754
~ = lt peach	8 3824
⌖ = med peach	10	351
↘ = dk peach	13	347
# = lt green	226	703
♦ = med green	228	700
dk green	923 3818
| = Backstitch:
red—blossom
dk green—stem
~ ⌖ ~ ⌖ ⌖ ▫ ⌖ ▫ ▫ ↘ ▫ ↘ ↘ ⌖ ↘ ⌖ ⌖ ~ ⌖ ~ ~ ~ ~ ~ ~ ⌖ ~ ⌖ ⌖ ▫ ⌖ ▫ ▫ ↘ ▫ ↘ ↘ ⌖ ↘ ⌖ ⌖ ~ ⌖ ~
~ ⌖ ~ ⌖ ⌖ ▫ ⌖ ▫ ▫ ↘ ▫ ↘ ↘ ⌖ ↘ ⌖ ⌖ ~ ⌖ ~ ~ ~ ~ ~ ~ ⌖ ~ ⌖ ⌖ ▫ ⌖ ▫ ▫ ↘ ▫ ↘ ↘ ⌖ ↘ ⌖ ⌖ ~ ⌖ ~
~ ⌖ ~ ⌖ ⌖ ▫ ⌖ ▫ ▫ ↘ ▫ ↘ ↘ ⌖ ↘ ⌖ ⌖ ~ ⌖ ~ ~ ~ ~ ~ ~ ⌖ ~ ⌖ ⌖ ▫ ⌖ ▫ ▫ ↘ ▫ ↘ ↘ ⌖ ↘ ⌖ ⌖ ~ ⌖ ~
⌖ ▫ ⌖ ▫ ▫ ↘ ▫ ↘ ↘ ⌖ ↘ ⌖ ⌖ ~ ⌖ ~ ~ ~ ~ ~ ~ ⌖ ~ ⌖ ⌖ ▫ ⌖ ▫ ▫ ↘ ▫ ↘ ↘ ⌖ ↘ ⌖ ⌖ ~ ⌖ ~ ~ ~ ~ ~
⌖ ▫ ⌖ ▫ ▫ ↘ ▫ ↘ ↘ ⌖ ↘ ⌖ ⌖ ~ ⌖ ~ ~ ~ ~ ~ ~ ⌖ ~ ⌖ ⌖ ▫ ⌖ ▫ ▫ ↘ ▫ ↘ ↘ ⌖ ↘ ⌖ ⌖ ~ ⌖ ~ ~ ~ ~ ~
⌖ ▫ ⌖ ▫ ▫ ↘ ▫ ↘ ↘ ⌖ ↘ ⌖ ⌖ ~ ⌖ ~ ~ ~ ~ ~ ~ ⌖ ~ ⌖ ⌖ ▫ ⌖ ▫ ▫ ↘ ▫ ↘ ↘ ⌖ ↘ ⌖ ⌖ ~ ⌖ ~ ~ ~ ~ ~
▫ ↘ ▫ ↘ ↘ ⌖ ↘ ⌖ ⌖ ~ ⌖ ~ ~ ~ ~ ~ ~ ⌖ ~ ⌖ ⌖ ▫ ⌖ ▫ ▫ ↘ ▫ ↘ ↘ ⌖ ↘ ⌖ ⌖ ~ ⌖ ~ ~ ~ ~ ~ ~ ⌖ ~ ⌖
▫ ↘ ▫ ↘ ↘ ⌖ ↘ ⌖ ⌖ ~ ⌖ ~ ~ ~ ~ ~ ~ ⌖ ~ ⌖ ⌖ ▫ ⌖ ▫ ▫ ↘ ▫ ↘ ↘ ⌖ ↘ ⌖ ⌖ ~ ⌖ ~ ~ ~ ~ ~ ~ ⌖ ~ ⌖
▫ ↘ ▫ ↘ ↘ ⌖ ↘ ⌖ ⌖ ~ ⌖ ~ ~ ~ ~ ~ ~ ⌖ ~ ⌖ ⌖ ▫ ⌖ ▫ ▫ ↘ ▫ ↘ ↘ ⌖ ↘ ⌖ ⌖ ~ ⌖ ~ ~ ~ ~ ~ ~ ⌖ ~ ⌖
↘ ⌖ ↘ ⌖ ⌖ ~ ⌖ ~ ~ ~ ~ ~ ~ ⌖ ~ ⌖ ⌖ ▫ ⌖ ▫ ▫ ↘ ▫ ↘ ↘ ⌖ ↘ ⌖ ⌖ ~ ⌖ ~ ~ ~ ~ ~ ~ ⌖ ~ ⌖ ⌖ ▫ ⌖ ▫
↘ ⌖ ↘ ⌖ ⌖ ~ ⌖ ~ ~ ~ ~ ~ ~ ⌖ ~ ⌖ ⌖ ▫ ⌖ ▫ ▫ ↘ ▫ ↘ ↘ ⌖ ↘ ⌖ ⌖ ~ ⌖ ~ ~ ~ ~ ~ ~ ⌖ ~ ⌖ ⌖ ▫ ⌖ ▫
↘ ⌖ ↘ ⌖ ⌖ ~ ⌖ ~ ~ ~ ~ ~ ~ ⌖ ~ ⌖ ⌖ ▫ ⌖ ▫ ▫ ↘ ▫ ↘ ↘ ⌖ ↘ ⌖ ⌖ ~ ⌖ ~ ~ ~ ~ ~ ~ ⌖ ~ ⌖ ⌖ ▫ ⌖ ▫
⌖ ~ ⌖ ~ ~ ~ ~ ~ ~ ⌖ ~ ⌖ ⌖ ▫ ⌖ ▫ ▫ ↘ ▫ ↘ ↘ ⌖ ↘ ⌖ ⌖ ~ ⌖ ~ ~ ~ ~ ~ ~ ⌖ ~ ⌖ ⌖ ▫ ⌖ ▫ ▫ ↘ ▫ ↘
⌖ ~ ⌖ ~ ~ ~ ~ ~ ~ ⌖ ~ ⌖ ⌖ ▫ ⌖ ▫ ▫ ↘ ▫ ↘ ↘ ⌖ ↘ ⌖ ⌖ ~ ⌖ ~ ~ ~ ~ ~ ~ ⌖ ~ ⌖ ⌖ ▫ ⌖ ▫ ▫ ↘ ▫ ↘
⌖ ~ ⌖ ~ ~ ~ ~ ~ ~ ⌖ ~ ⌖ ⌖ ▫ ⌖ ▫ ▫ ↘ ▫ ↘ ↘ ⌖ ↘ ⌖ ⌖ ~ ⌖ ~ ~ ~ ~ ~ ~ ⌖ ~ ⌖ ⌖ ▫ ⌖ ▫ ▫ ↘ ▫ ↘
~ ~ ~ ~ ~ ⌖ ~ ⌖ ⌖ ▫ ⌖ ▫ ▫ ↘ ▫ ↘ ↘ ⌖ ↘ ⌖ ⌖ ~ ⌖ ~ ~ ~ ~ ~ ~ ⌖ ~ ⌖ ⌖ ▫ ⌖ ▫ ▫ ↘ ▫ ↘ ↘ ⌖ ↘ ⌖
~ ~ ~ ~ ~ ⌖ ~ ⌖ ⌖ ▫ ⌖ ▫ ▫ ↘ ▫ ↘ ↘ ⌖ ↘ ⌖ ⌖ ~ ⌖ ~ ~ ~ ~ ~ ~ ⌖ ~ ⌖ ⌖ ▫ ⌖ ▫ ▫ ↘ ▫ ↘ ↘ ⌖ ↘ ⌖
~ ~ ~ ~ ~ ⌖ ~ ⌖ ⌖ ▫ ⌖ ▫ ▫ ↘ ▫ ↘ ↘ ⌖ ↘ ⌖ ⌖ ~ ⌖ ~ ~ ~ ~ ~ ~ ⌖ ~ ⌖ ⌖ ▫ ⌖ ▫ ▫ ↘ ▫ ↘ ↘ ⌖ ↘ ⌖
~ ⌖ ~ ⌖ ⌖ ▫ ⌖ ▫ ▫ ↘ ▫ ↘ ↘ ⌖ ↘ ⌖ ⌖ ~ ⌖ ~ ~ ~ ~ ~ ~ ⌖ ~ ⌖ ⌖ ▫ ⌖ ▫ ▫ ↘ ▫ ↘ ↘ ⌖ ↘ ⌖ ⌖ ~ ⌖ ~
~ ⌖ ~ ⌖ ⌖ ▫ ⌖ ▫ ▫ ↘ ▫ ↘ ↘ ⌖ ↘ ⌖ ⌖ ~ ⌖ ~ ~ ~ ~ ~ ~ ⌖ ~ ⌖ ⌖ ▫ ⌖ ▫ ▫ ↘ ▫ ↘ ↘ ⌖ ↘ ⌖ ⌖ ~ ⌖ ~
~ ⌖ ~ ⌖ ⌖ ▫ ⌖ ▫ ▫ ↘ ▫ ↘ ↘ ⌖ ↘ ⌖ ⌖ ~ ⌖ ~ ~ ~ ~ ~ ~ ⌖ ~ ⌖ ⌖ ▫ ⌖ ▫ ▫ ↘ ▫ ↘ ↘ ⌖ ↘ ⌖ ⌖ ~ ⌖ ~
⌖ ▫ ⌖ ▫ ▫ ↘ ▫ ↘ ↘ ⌖ ↘ ⌖ ⌖ ~ ⌖ ~ ~ ~ ~ ~ ~ ⌖ ~ ⌖ ⌖ ▫ ⌖ ▫ ▫ ↘ ▫ ↘ ↘ ⌖ ↘ ⌖ ⌖ ~ ⌖ ~ ~ ~ ~ ~
⌖ ▫ ⌖ ▫ ▫ ↘ ▫ ↘ ↘ ⌖ ↘ ⌖ ⌖ ~ ⌖ ~ ~ ~ ~ ~ ~ ⌖ ~ ⌖ ⌖ ▫ ⌖ ▫ ▫ ↘ ▫ ↘ ↘ ⌖ ↘ ⌖ ⌖ ~ ⌖ ~ ~ ~ ~ ~
⌖ ▫ ⌖ ▫ ▫ ↘ ▫ ↘ ↘ ⌖ ↘ ⌖ ⌖ ~ ⌖ ~ ~ ~ ~ ~ ~ ⌖ ~ ⌖ ⌖ ▫ ⌖ ▫ ▫ ↘ ▫ ↘ ↘ ⌖ ↘ ⌖ ⌖ ~ ⌖ ~ ~ ~ ~ ~
▫ ↘ ▫ ↘ ↘ ⌖ ↘ ⌖ ⌖ ~ ⌖ ~ ~ ~ ~ ~ ~ ⌖ ~ ⌖ ⌖ ▫ ⌖ ▫ ▫ ↘ ▫ ↘ ↘ ⌖ ↘ ⌖ ⌖ ~ ⌖ ~ ~ ~ ~ ~ ~ ⌖ ~ ⌖
▫ ↘ ▫ ↘ ↘ ⌖ ↘ ⌖ ⌖ ~ ⌖ ~ ~ ~ ~ ~ ~ ⌖ ~ ⌖ ⌖ ▫ ⌖ ▫ ▫ ↘ ▫ ↘ ↘ ⌖ ↘ ⌖ ⌖ ~ ⌖ ~ ~ ~ ~ ~ ~ ⌖ ~ ⌖
▫ ↘ ▫ ↘ ↘ ⌖ ↘ ⌖ ⌖ ~ ⌖ ~ ~ ~ ~ ~ ~ ⌖ ~ ⌖ ⌖ ▫ ⌖ ▫ ▫ ↘ ▫ ↘ ↘ ⌖ ↘ ⌖ ⌖ ~ ⌖ ~ ~ ~ ~ ~ ~ ⌖ ~ ⌖
↘ ⌖ ↘ ⌖ ⌖ ~ ⌖ ~ ~ ~ ~ ~ ~ ⌖ ~ ⌖ ⌖ ▫ ⌖ ▫ ▫ ↘ ▫ ↘ ↘ ⌖ ↘ ⌖ ⌖ ~ ⌖ ~ ~ ~ ~ ~ ~ ⌖ ~ ⌖ ⌖ ▫ ⌖ ▫
↘ ⌖ ↘ ⌖ ⌖ ~ ⌖ ~ ~ ~ ~ ~ ~ ⌖ ~ ⌖ ⌖ ▫ ⌖ ▫ ▫ ↘ ▫ ↘ ↘ ⌖ ↘ ⌖ ⌖ ~ ⌖ ~ ~ ~ ~ ~ ~ ⌖ ~ ⌖ ⌖ ▫ ⌖ ▫
↘ ⌖ ↘ ⌖ ⌖ ~ ⌖ ~ ~ ~ ~ ~ ~ ⌖ ~ ⌖ ⌖ ▫ ⌖ ▫ ▫ ↘ ▫ ↘ ↘ ⌖ ↘ ⌖ ⌖ ~ ⌖ ~ ~ ~ ~ ~ ~ ⌖ ~ ⌖ ⌖ ▫ ⌖ ▫
⌖ ~ ⌖ ~ ~ ~ ~ ~ ~ ⌖ ~ ⌖ ⌖ ▫ ⌖ ▫ ▫ ↘ ▫ ↘ ↘ ⌖ ↘ ⌖ ⌖ ~ ⌖ ~ ~ ~ ~ ~ ~ ⌖ ~ ⌖ ⌖ ▫ ⌖ ▫ ▫ ↘ ▫ ↘
⌖ ~ ⌖ ~ ~ ~ ~ ~ ~ ⌖ ~ ⌖ ⌖ ▫ ⌖ ▫ ▫ ↘ ▫ ↘ ↘ ⌖ ↘ ⌖ ⌖ ~ ⌖ ~ ~ ~ ~ ~ ~ ⌖ ~ ⌖ ⌖ ▫ ⌖ ▫ ▫ ↘ ▫ ↘
⌖ ~ ⌖ ~ ~ ~ ~ ~ ~ ⌖ ~ ⌖ ⌖ ▫ ⌖ ▫ ▫ ↘ ▫ ↘ ↘ ⌖ ↘ ⌖ ⌖ ~ ⌖ ~ ~ ~ ~ ~ ~ ⌖ ~ ⌖ ⌖ ▫ ⌖ ▫ ▫ ↘ ▫ ↘
~ ~ ~ ~ ~ ⌖ ~ ⌖ ⌖ ▫ ⌖ ▫ ▫ ↘ ▫ ↘ ↘ ⌖ ↘ ⌖ ⌖ ~ ⌖ ~ ~ ~ ~ ~ ~ ⌖ ~ ⌖ ⌖ ▫ ⌖ ▫ ▫ ↘ ▫ ↘ ↘ ⌖ ↘ ⌖
~ ~ ~ ~ ~ ⌖ ~ ⌖ ⌖ ▫ ⌖ ▫ ▫ ↘ ▫ ↘ ↘ ⌖ ↘ ⌖ ⌖ ~ ⌖ ~ ~ ~ ~ ~ ~ ⌖ ~ ⌖ ⌖ ▫ ⌖ ▫ ▫ ↘ ▫ ↘ ↘ ⌖ ↘ ⌖
~ ~ ~ ~ ~ ⌖ ~ ⌖ ⌖ ▫ ⌖ ▫ ▫ ↘ ▫ ↘ ↘ ⌖ ↘ ⌖ ⌖ ~ ⌖ ~ ~ ~ ~ ~ ~ ⌖ ~ ⌖ ⌖ ▫ ⌖ ▫ ▫ ↘ ▫ ↘ ↘ ⌖ ↘ ⌖
~ ⌖ ~ ⌖ ⌖ ▫ ⌖ ▫ ▫ ↘ ▫ ↘ ↘ ⌖ ↘ ⌖ ⌖ ~ ⌖ ~ ~ ~ ~ ~ ~ ⌖ ~ ⌖ ⌖ ▫ ⌖ ▫ ▫ ↘ ▫ ↘ ↘ ⌖ ↘ ⌖ ⌖ ~ ⌖ ~
~ ⌖ ~ ⌖ ⌖ ▫ ⌖ ▫ ▫ ↘ ▫ ↘ ↘ ⌖ ↘ ⌖ ⌖ ~ ⌖ ~ ~ ~ ~ ~ ~ ⌖ ~ ⌖ ⌖ ▫ ⌖ ▫ ▫ ↘ ▫ ↘ ↘ ⌖ ↘ ⌖ ⌖ ~ ⌖ ~
~ ⌖ ~ ⌖ ⌖ ▫ ⌖ ▫ ▫ ↘ ▫ ↘ ↘ ⌖ ↘ ⌖ ⌖ ~ ⌖ ~ ~ ~ ~ ~ ~ ⌖ ~ ⌖ ⌖ ▫ ⌖ ▫ ▫ ↘ ▫ ↘ ↘ ⌖ ↘ ⌖ ⌖ ~ ⌖ ~
⌖ ▫ ⌖ ▫ ▫ ↘ ▫ ↘ ↘ ⌖ ↘ ⌖ ⌖ ~ ⌖ ~ ~ ~ ~ ~ ~ ⌖ ~ ⌖ ⌖ ▫ ⌖ ▫ ▫ ↘ ▫ ↘ ↘ ⌖ ↘ ⌖ ⌖ ~ ⌖ ~ ~ ~ ~ ~
⌖ ▫ ⌖ ▫ ▫ ↘ ▫ ↘ ↘ ⌖ ↘ ⌖ ⌖ ~ ⌖ ~ ~ ~ ~ ~ ~ ⌖ ~ ⌖ ⌖ ▫ ⌖ ▫ ▫ ↘ ▫ ↘ ↘ ⌖ ↘ ⌖ ⌖ ~ ⌖ ~ ~ ~ ~ ~
⌖ ▫ ⌖ ▫ ▫ ↘ ▫ ↘ ↘ ⌖ ↘ ⌖ ⌖ ~ ⌖ ~ ~ ~ ~ ~ ~ ⌖ ~ ⌖ ⌖ ▫ ⌖ ▫ ▫ ↘ ▫ ↘ ↘ ⌖ ↘ ⌖ ⌖ ~ ⌖ ~ ~ ~ ~ ~
▫ ↘ ▫ ↘ ↘ ⌖ ↘ ⌖ ⌖ ~ ⌖ ~ ~ ~ ~ ~ ~ ⌖ ~ ⌖ ⌖ ▫ ⌖ ▫ ▫ ↘ ▫ ↘ ↘ ⌖ ↘ ⌖ ⌖ ~ ⌖ ~ ~ ~ ~ ~ ~ ⌖ ~ ⌖
▫ ↘ ▫ ↘ ↘ ⌖ ↘ ⌖ ⌖ ~ ⌖ ~ ~ ~ ~ ~ ~ ⌖ ~ ⌖ ⌖ ▫ ⌖ ▫ ▫ ↘ ▫ ↘ ↘ ⌖ ↘ ⌖ ⌖ ~ ⌖ ~ ~ ~ ~ ~ ~ ⌖ ~ ⌖
▫ ↘ ▫ ↘ ↘ ⌖ ↘ ⌖ ⌖ ~ ⌖ ~ ~ ~ ~ ~ ~ ⌖ ~ ⌖ ⌖ ▫ ⌖ ▫ ▫ ↘ ▫ ↘ ↘ ⌖ ↘ ⌖ ⌖ ~ ⌖ ~ ~ ~ ~ ~ ~ ⌖ ~ ⌖
↘ ⌖ ↘ ⌖ ⌖ ~ ⌖ ~ ~ ~ ~ ~ ~ ⌖ ~ ⌖ ⌖ ▫ ⌖ ▫ ▫ ↘ ▫ ↘ ↘ ⌖ ↘ ⌖ ⌖ ~ ⌖ ~ ~ ~ ~ ~ ~ ⌖ ~ ⌖ ⌖ ▫ ⌖ ▫
↘ ⌖ ↘ ⌖ ⌖ ~ ⌖ ~ ~ ~ ~ ~ ~ ⌖ ~ ⌖ ⌖ ▫ ⌖ ▫ ▫ ↘ ▫ ↘ ↘ ⌖ ↘ ⌖ ⌖ ~ ⌖ ~ ~ ~ ~ ~ ~ ⌖ ~ ⌖ ⌖ ▫ ⌖ ▫
↘ ⌖ ↘ ⌖ ⌖ ~ ⌖ ~ ~ ~ ~ ~ ~ ⌖ ~ ⌖ ⌖ ▫ ⌖ ▫ ▫ ↘ ▫ ↘ ↘ ⌖ ↘ ⌖ ⌖ ~ ⌖ ~ ~ ~ ~ ~ ~ ⌖ ~ ⌖ ⌖ ▫ ⌖ ▫
⌖ ~ ⌖ ~ ~ ~ ~ ~ ~ ⌖ ~ ⌖ ⌖ ▫ ⌖ ▫ ▫ ↘ ▫ ↘ ↘ ⌖ ↘ ⌖ ⌖ ~ ⌖ ~ ~ ~ ~ ~ ~ ⌖ ~ ⌖ ⌖ ▫ ⌖ ▫ ▫ ↘ ▫ ↘
⌖ ~ ⌖ ~ ~ ~ ~ ~ ~ ⌖ ~ ⌖ ⌖ ▫ ⌖ ▫ ▫ ↘ ▫ ↘ ↘ ⌖ ↘ ⌖ ⌖ ~ ⌖ ~ ~ ~ ~ ~ ~ ⌖ ~ ⌖ ⌖ ▫ ⌖ ▫ ▫ ↘ ▫ ↘
9
